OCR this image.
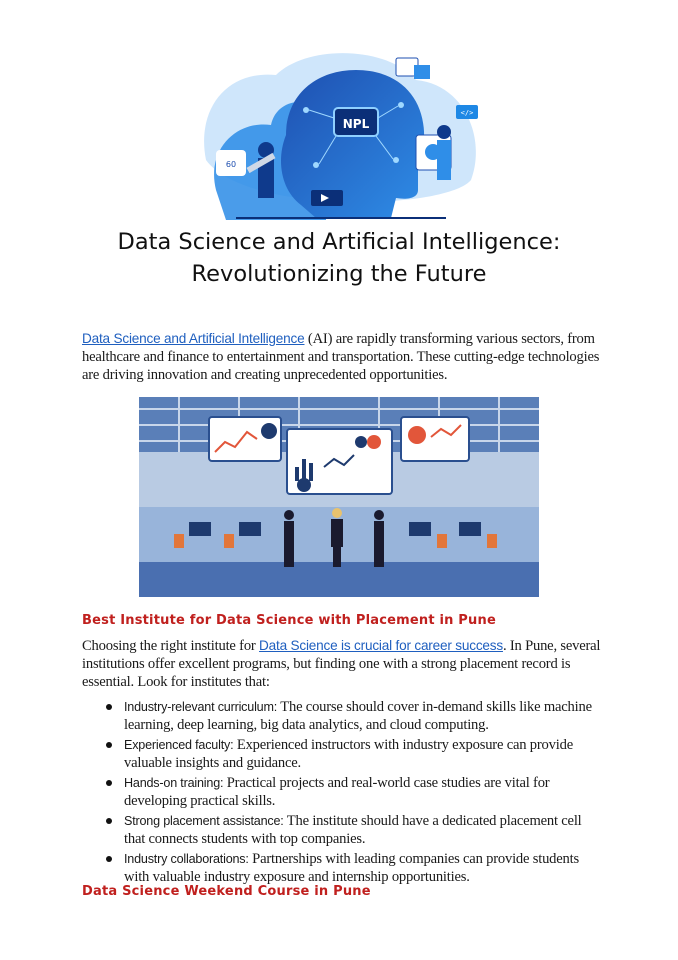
NPL
60
</>
Data Science and Artificial Intelligence:
Revolutionizing the Future

Data Science and Artificial Intelligence (AI) are rapidly transforming various sectors, from healthcare and finance to entertainment and transportation. These cutting-edge technologies are driving innovation and creating unprecedented opportunities.

Best Institute for Data Science with Placement in Pune

Choosing the right institute for Data Science is crucial for career success. In Pune, several institutions offer excellent programs, but finding one with a strong placement record is essential. Look for institutes that:

Industry-relevant curriculum: The course should cover in-demand skills like machine learning, deep learning, big data analytics, and cloud computing.
Experienced faculty: Experienced instructors with industry exposure can provide valuable insights and guidance.
Hands-on training: Practical projects and real-world case studies are vital for developing practical skills.
Strong placement assistance: The institute should have a dedicated placement cell that connects students with top companies.
Industry collaborations: Partnerships with leading companies can provide students with valuable industry exposure and internship opportunities.
Data Science Weekend Course in Pune
